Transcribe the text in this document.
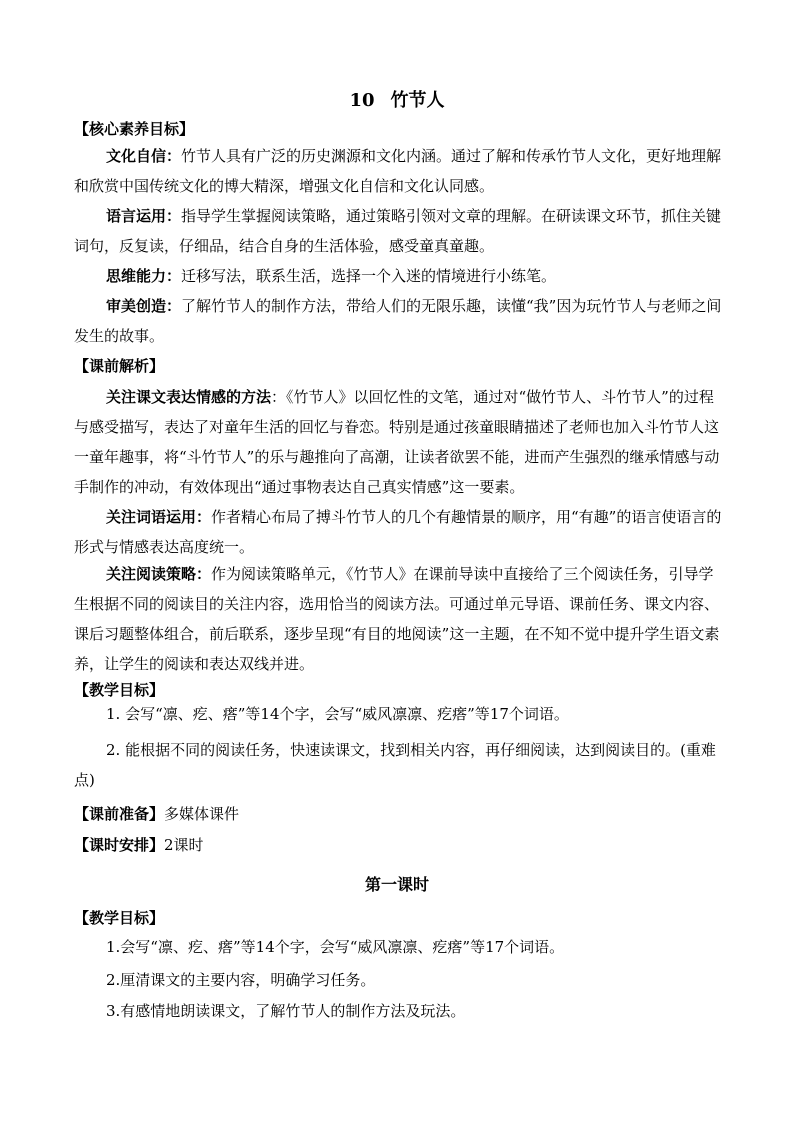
10 竹节人
【核心素养目标】

文化自信：竹节人具有广泛的历史渊源和文化内涵。通过了解和传承竹节人文化，更好地理解和欣赏中国传统文化的博大精深，增强文化自信和文化认同感。

语言运用：指导学生掌握阅读策略，通过策略引领对文章的理解。在研读课文环节，抓住关键词句，反复读，仔细品，结合自身的生活体验，感受童真童趣。

思维能力：迁移写法，联系生活，选择一个入迷的情境进行小练笔。

审美创造：了解竹节人的制作方法，带给人们的无限乐趣，读懂“我”因为玩竹节人与老师之间发生的故事。

【课前解析】

关注课文表达情感的方法：《竹节人》以回忆性的文笔，通过对“做竹节人、斗竹节人”的过程与感受描写，表达了对童年生活的回忆与眷恋。特别是通过孩童眼睛描述了老师也加入斗竹节人这一童年趣事，将“斗竹节人”的乐与趣推向了高潮，让读者欲罢不能，进而产生强烈的继承情感与动手制作的冲动，有效体现出“通过事物表达自己真实情感”这一要素。

关注词语运用：作者精心布局了搏斗竹节人的几个有趣情景的顺序，用“有趣”的语言使语言的形式与情感表达高度统一。

关注阅读策略：作为阅读策略单元，《竹节人》在课前导读中直接给了三个阅读任务，引导学生根据不同的阅读目的关注内容，选用恰当的阅读方法。可通过单元导语、课前任务、课文内容、课后习题整体组合，前后联系，逐步呈现“有目的地阅读”这一主题，在不知不觉中提升学生语文素养，让学生的阅读和表达双线并进。

【教学目标】
1. 会写“凛、疙、瘩”等14个字，会写“威风凛凛、疙瘩”等17个词语。

2. 能根据不同的阅读任务，快速读课文，找到相关内容，再仔细阅读，达到阅读目的。(重难点)

【课前准备】多媒体课件
【课时安排】2课时
第一课时
【教学目标】
1.会写“凛、疙、瘩”等14个字，会写“威风凛凛、疙瘩”等17个词语。
2.厘清课文的主要内容，明确学习任务。
3.有感情地朗读课文，了解竹节人的制作方法及玩法。
